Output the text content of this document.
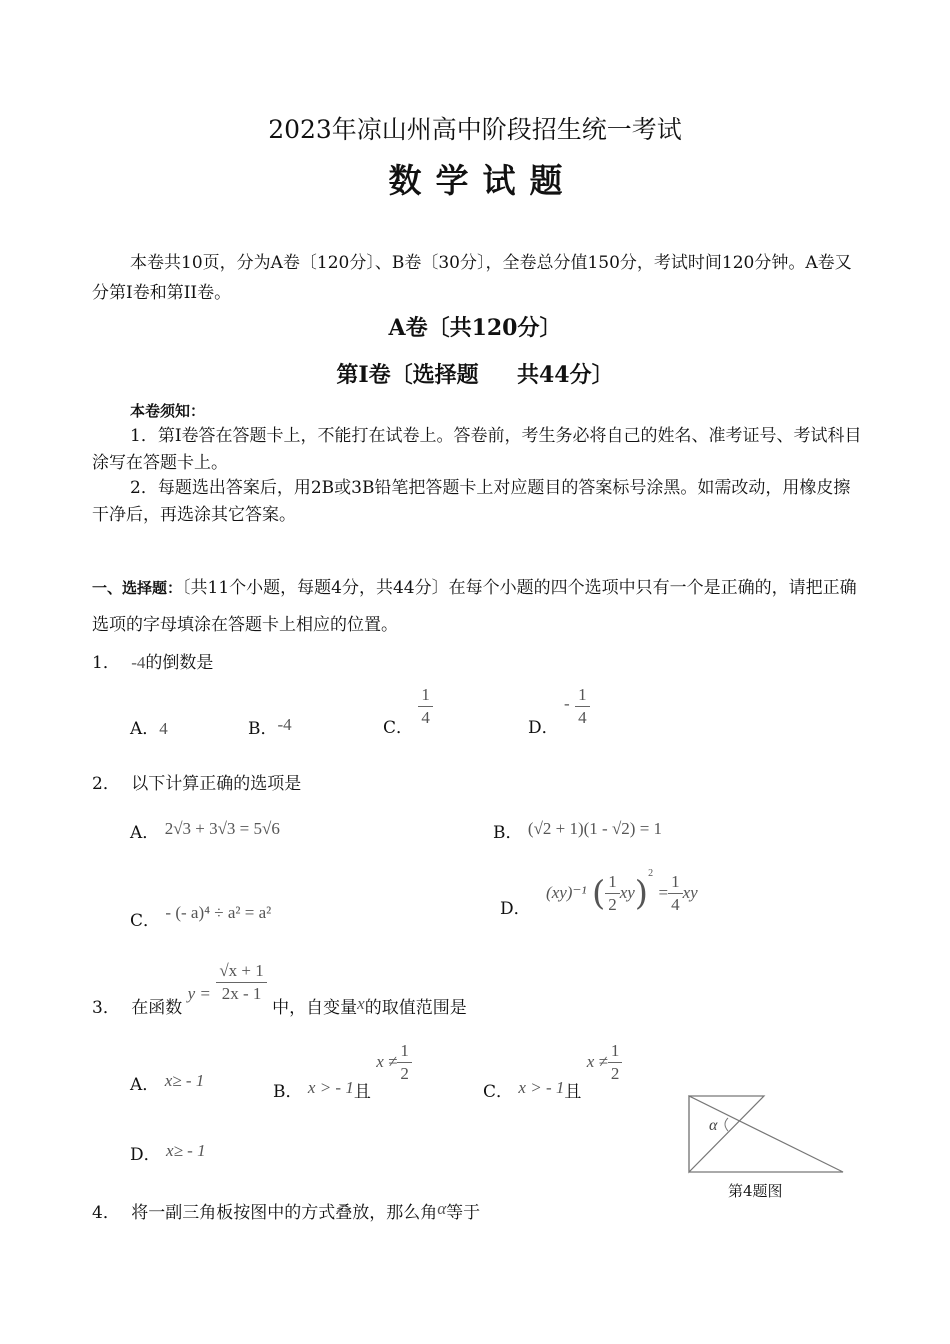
2023年凉山州高中阶段招生统一考试
数学试题
本卷共10页，分为A卷〔120分〕、B卷〔30分〕，全卷总分值150分，考试时间120分钟。A卷又分第I卷和第II卷。
A卷〔共120分〕
第I卷〔选择题     共44分〕
本卷须知：
1．第I卷答在答题卡上，不能打在试卷上。答卷前，考生务必将自己的姓名、准考证号、考试科目涂写在答题卡上。
2．每题选出答案后，用2B或3B铅笔把答题卡上对应题目的答案标号涂黑。如需改动，用橡皮擦干净后，再选涂其它答案。
一、选择题：〔共11个小题，每题4分，共44分〕在每个小题的四个选项中只有一个是正确的，请把正确选项的字母填涂在答题卡上相应的位置。
1． -4的倒数是
A．4	B．-4	C． $\frac{1}{4}$	D． - $\frac{1}{4}$
2． 以下计算正确的选项是
A． 2√3 + 3√3 = 5√6	B． (√2 + 1)(1 - √2) = 1
C． - (- a)⁴ ÷ a² = a²	D． (xy)⁻¹ ( $\frac{1}{2} xy)^2 = \frac{1}{4}$ xy
3． 在函数 $y = \frac{√x + 1}{2x - 1}$
中，自变量x的取值范围是
A． x≥ - 1
B． x > - 1且 $x \ne \frac{1}{2}$
C． x > - 1且 $x \ne \frac{1}{2}$
D． x≥ - 1
α
第4题图
4． 将一副三角板按图中的方式叠放，那么角α等于
